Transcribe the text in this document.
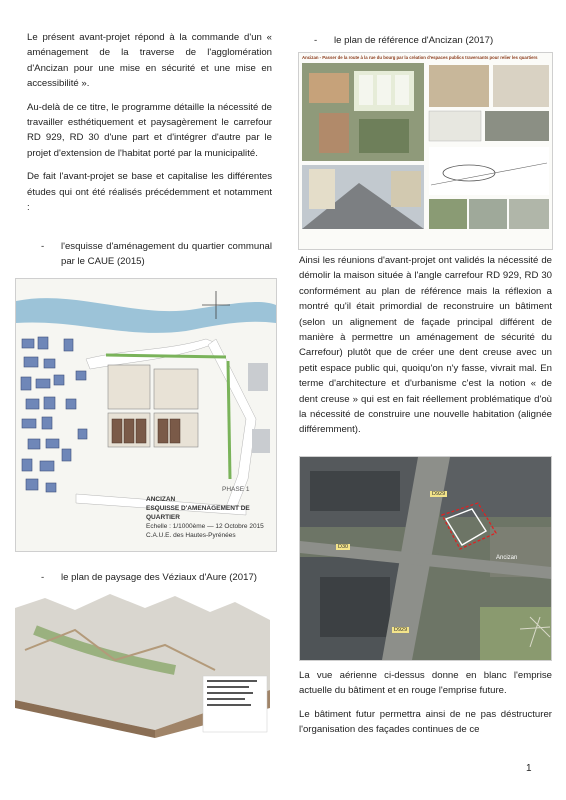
Le présent avant-projet répond à la commande d'un « aménagement de la traverse de l'agglomération d'Ancizan pour une mise en sécurité et une mise en accessibilité ».

Au-delà de ce titre, le programme détaille la nécessité de travailler esthétiquement et paysagèrement le carrefour RD 929, RD 30 d'une part et d'intégrer d'autre par le projet d'extension de l'habitat porté par la municipalité.

De fait l'avant-projet se base et capitalise les différentes études qui ont été réalisés précédemment et notamment :

- l'esquisse d'aménagement du quartier communal par le CAUE (2015)
ANCIZAN
PHASE 1
ESQUISSE D'AMENAGEMENT DE QUARTIER
Echelle : 1/1000ème — 12 Octobre 2015
C.A.U.E. des Hautes-Pyrénées
- le plan de paysage des Véziaux d'Aure (2017)
- le plan de référence d'Ancizan (2017)
Ancizan - Passer de la route à la rue du bourg par la création d'espaces publics traversants pour relier les quartiers

Ainsi les réunions d'avant-projet ont validés la nécessité de démolir la maison située à l'angle carrefour RD 929, RD 30 conformément au plan de référence mais la réflexion a montré qu'il était primordial de reconstruire un bâtiment (selon un alignement de façade principal différent de manière à permettre un aménagement de sécurité du Carrefour) plutôt que de créer une dent creuse avec un petit espace public qui, quoiqu'on n'y fasse, vivrait mal. En terme d'architecture et d'urbanisme c'est la notion « de dent creuse » qui est en fait réellement problématique d'où la nécessité de construire une nouvelle habitation (alignée différemment).

D929
D30
D929
Ancizan

La vue aérienne ci-dessus donne en blanc l'emprise actuelle du bâtiment et en rouge l'emprise future.

Le bâtiment futur permettra ainsi de ne pas déstructurer l'organisation des façades continues de ce

1
